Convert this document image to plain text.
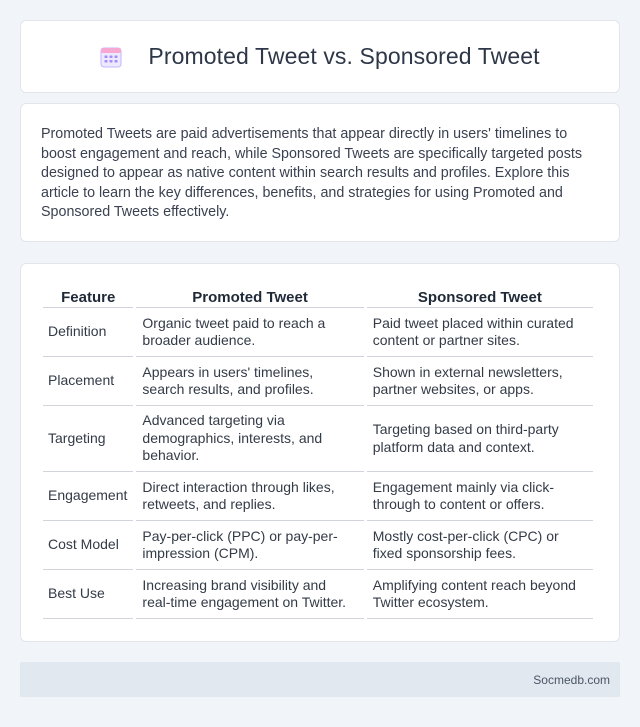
Promoted Tweet vs. Sponsored Tweet

Promoted Tweets are paid advertisements that appear directly in users' timelines to boost engagement and reach, while Sponsored Tweets are specifically targeted posts designed to appear as native content within search results and profiles. Explore this article to learn the key differences, benefits, and strategies for using Promoted and Sponsored Tweets effectively.

Feature	Promoted Tweet	Sponsored Tweet
Definition	Organic tweet paid to reach a broader audience.	Paid tweet placed within curated content or partner sites.
Placement	Appears in users' timelines, search results, and profiles.	Shown in external newsletters, partner websites, or apps.
Targeting	Advanced targeting via demographics, interests, and behavior.	Targeting based on third-party platform data and context.
Engagement	Direct interaction through likes, retweets, and replies.	Engagement mainly via click-through to content or offers.
Cost Model	Pay-per-click (PPC) or pay-per-impression (CPM).	Mostly cost-per-click (CPC) or fixed sponsorship fees.
Best Use	Increasing brand visibility and real-time engagement on Twitter.	Amplifying content reach beyond Twitter ecosystem.
Socmedb.com
